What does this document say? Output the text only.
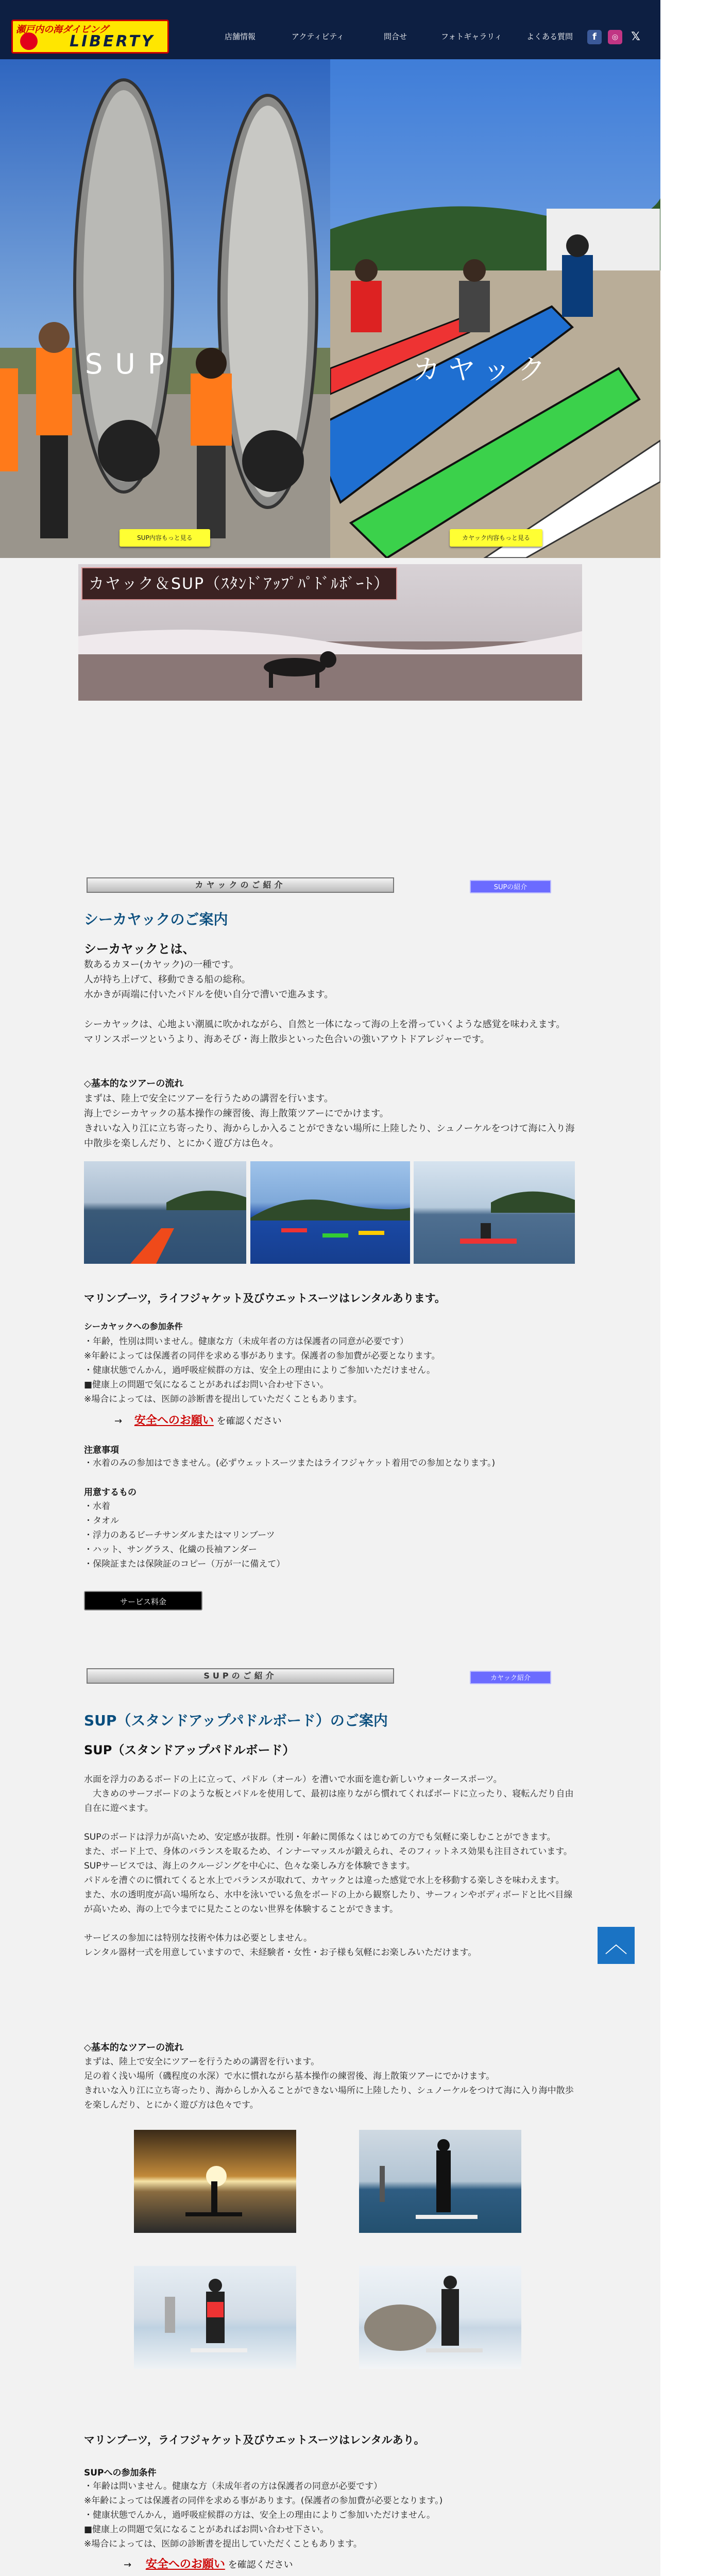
瀬戸内の海ダイビング
LIBERTY	店舗情報	アクティビティ	問合せ	フォトギャラリィ	よくある質問	f	◎	𝕏
SUP
SUP内容もっと見る
カヤック
カヤック内容もっと見る
カヤック＆SUP（ｽﾀﾝﾄﾞｱｯﾌﾟﾊﾟﾄﾞﾙﾎﾞｰﾄ）
カヤックのご紹介	SUPの紹介
シーカヤックのご案内
シーカヤックとは、
数あるカヌー(カヤック)の一種です。
人が持ち上げて、移動できる船の総称。
水かきが両端に付いたパドルを使い自分で漕いで進みます。
シーカヤックは、心地よい潮風に吹かれながら、自然と一体になって海の上を滑っていくような感覚を味わえます。
マリンスポーツというより、海あそび・海上散歩といった色合いの強いアウトドアレジャーです。
◇基本的なツアーの流れ
まずは、陸上で安全にツアーを行うための講習を行います。
海上でシーカヤックの基本操作の練習後、海上散策ツアーにでかけます。
きれいな入り江に立ち寄ったり、海からしか入ることができない場所に上陸したり、シュノーケルをつけて海に入り海中散歩を楽しんだり、とにかく遊び方は色々。
マリンブーツ，ライフジャケット及びウエットスーツはレンタルあります。
シーカヤックへの参加条件
・年齢，性別は問いません。健康な方（未成年者の方は保護者の同意が必要です）
※年齢によっては保護者の同伴を求める事があります。保護者の参加費が必要となります。
・健康状態でんかん，過呼吸症候群の方は、安全上の理由によりご参加いただけません。
■健康上の問題で気になることがあればお問い合わせ下さい。
※場合によっては、医師の診断書を提出していただくこともあります。
→ 安全へのお願い を確認ください
注意事項
・水着のみの参加はできません。(必ずウェットスーツまたはライフジャケット着用での参加となります。)
用意するもの
・水着
・タオル
・浮力のあるビーチサンダルまたはマリンブーツ
・ハット、サングラス、化繊の長袖アンダー
・保険証または保険証のコピー（万が一に備えて）
サービス料金
SUPのご紹介	カヤック紹介
SUP（スタンドアップパドルボード）のご案内
SUP（スタンドアップパドルボード）
水面を浮力のあるボードの上に立って、パドル（オール）を漕いで水面を進む新しいウォータースポーツ。
　大きめのサーフボードのような板とパドルを使用して、最初は座りながら慣れてくればボードに立ったり、寝転んだり自由自在に遊べます。
SUPのボードは浮力が高いため、安定感が抜群。性別・年齢に関係なくはじめての方でも気軽に楽しむことができます。
また、ボード上で、身体のバランスを取るため、インナーマッスルが鍛えられ、そのフィットネス効果も注目されています。
SUPサービスでは、海上のクルージングを中心に、色々な楽しみ方を体験できます。
パドルを漕ぐのに慣れてくると水上でバランスが取れて、カヤックとは違った感覚で水上を移動する楽しさを味わえます。
また、水の透明度が高い場所なら、水中を泳いでいる魚をボードの上から観察したり、サーフィンやボディボードと比べ目線が高いため、海の上で今までに見たことのない世界を体験することができます。
サービスの参加には特別な技術や体力は必要としません。
レンタル器材一式を用意していますので、未経験者・女性・お子様も気軽にお楽しみいただけます。
◇基本的なツアーの流れ
まずは、陸上で安全にツアーを行うための講習を行います。
足の着く浅い場所（磯程度の水深）で水に慣れながら基本操作の練習後、海上散策ツアーにでかけます。
きれいな入り江に立ち寄ったり、海からしか入ることができない場所に上陸したり、シュノーケルをつけて海に入り海中散歩を楽しんだり、とにかく遊び方は色々です。
マリンブーツ，ライフジャケット及びウエットスーツはレンタルあり。
SUPへの参加条件
・年齢は問いません。健康な方（未成年者の方は保護者の同意が必要です）
※年齢によっては保護者の同伴を求める事があります。(保護者の参加費が必要となります。)
・健康状態でんかん，過呼吸症候群の方は、安全上の理由によりご参加いただけません。
■健康上の問題で気になることがあればお問い合わせ下さい。
※場合によっては、医師の診断書を提出していただくこともあります。
→ 安全へのお願い を確認ください
︿
